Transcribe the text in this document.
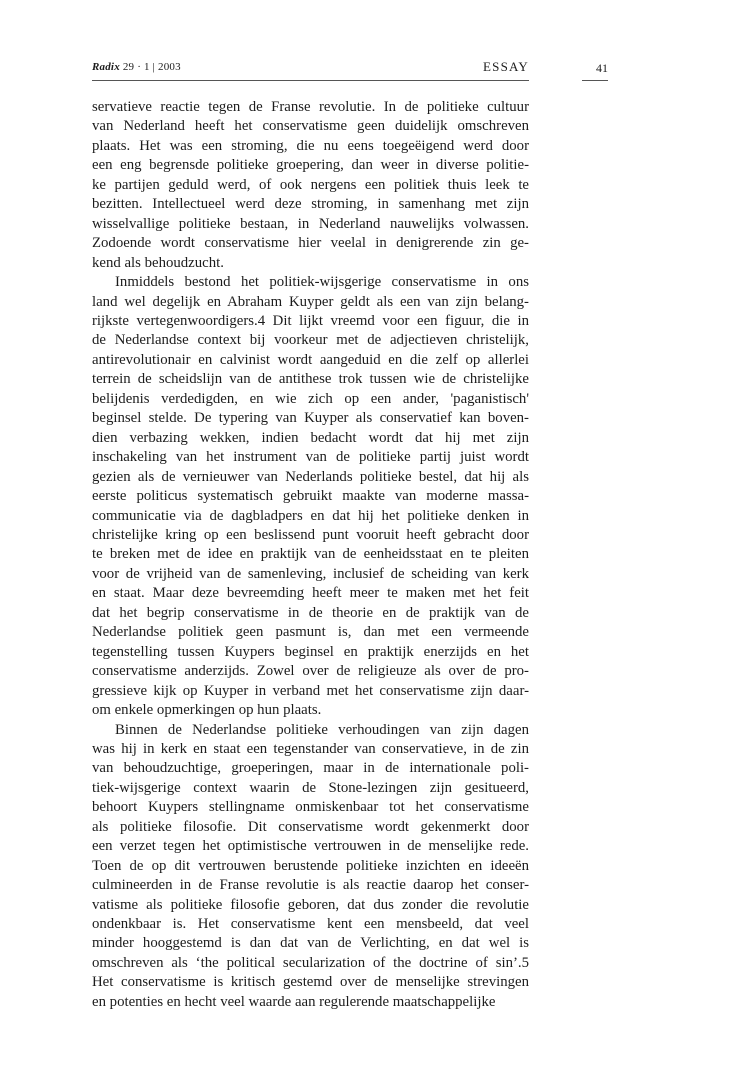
Radix 29 · 1 | 2003	ESSAY	41
servatieve reactie tegen de Franse revolutie. In de politieke cultuur
van Nederland heeft het conservatisme geen duidelijk omschreven
plaats. Het was een stroming, die nu eens toegeëigend werd door
een eng begrensde politieke groepering, dan weer in diverse politie-
ke partijen geduld werd, of ook nergens een politiek thuis leek te
bezitten. Intellectueel werd deze stroming, in samenhang met zijn
wisselvallige politieke bestaan, in Nederland nauwelijks volwassen.
Zodoende wordt conservatisme hier veelal in denigrerende zin ge-
kend als behoudzucht.
Inmiddels bestond het politiek-wijsgerige conservatisme in ons
land wel degelijk en Abraham Kuyper geldt als een van zijn belang-
rijkste vertegenwoordigers.4 Dit lijkt vreemd voor een figuur, die in
de Nederlandse context bij voorkeur met de adjectieven christelijk,
antirevolutionair en calvinist wordt aangeduid en die zelf op allerlei
terrein de scheidslijn van de antithese trok tussen wie de christelijke
belijdenis verdedigden, en wie zich op een ander, 'paganistisch'
beginsel stelde. De typering van Kuyper als conservatief kan boven-
dien verbazing wekken, indien bedacht wordt dat hij met zijn
inschakeling van het instrument van de politieke partij juist wordt
gezien als de vernieuwer van Nederlands politieke bestel, dat hij als
eerste politicus systematisch gebruikt maakte van moderne massa-
communicatie via de dagbladpers en dat hij het politieke denken in
christelijke kring op een beslissend punt vooruit heeft gebracht door
te breken met de idee en praktijk van de eenheidsstaat en te pleiten
voor de vrijheid van de samenleving, inclusief de scheiding van kerk
en staat. Maar deze bevreemding heeft meer te maken met het feit
dat het begrip conservatisme in de theorie en de praktijk van de
Nederlandse politiek geen pasmunt is, dan met een vermeende
tegenstelling tussen Kuypers beginsel en praktijk enerzijds en het
conservatisme anderzijds. Zowel over de religieuze als over de pro-
gressieve kijk op Kuyper in verband met het conservatisme zijn daar-
om enkele opmerkingen op hun plaats.
Binnen de Nederlandse politieke verhoudingen van zijn dagen
was hij in kerk en staat een tegenstander van conservatieve, in de zin
van behoudzuchtige, groeperingen, maar in de internationale poli-
tiek-wijsgerige context waarin de Stone-lezingen zijn gesitueerd,
behoort Kuypers stellingname onmiskenbaar tot het conservatisme
als politieke filosofie. Dit conservatisme wordt gekenmerkt door
een verzet tegen het optimistische vertrouwen in de menselijke rede.
Toen de op dit vertrouwen berustende politieke inzichten en ideeën
culmineerden in de Franse revolutie is als reactie daarop het conser-
vatisme als politieke filosofie geboren, dat dus zonder die revolutie
ondenkbaar is. Het conservatisme kent een mensbeeld, dat veel
minder hooggestemd is dan dat van de Verlichting, en dat wel is
omschreven als ‘the political secularization of the doctrine of sin’.5
Het conservatisme is kritisch gestemd over de menselijke strevingen
en potenties en hecht veel waarde aan regulerende maatschappelijke
